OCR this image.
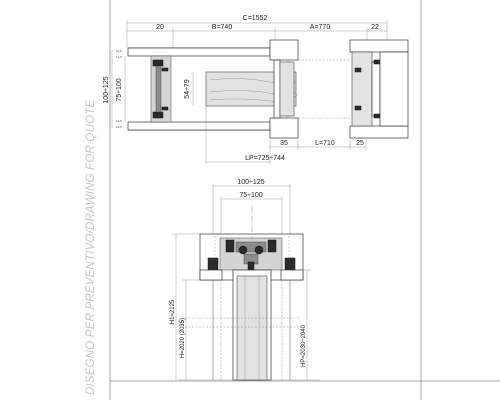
DISEGNO PER PREVENTIVO/DRAWING FOR QUOTE
C=1552
20	B=740	A=770	22
100÷125 75÷100
10,5
12,5
10,5
12,5
54÷79
35	L=710	25
LP=725÷744
100÷125
75÷100
H1=2125
H=2020 (2035)	HP=2030÷2040
